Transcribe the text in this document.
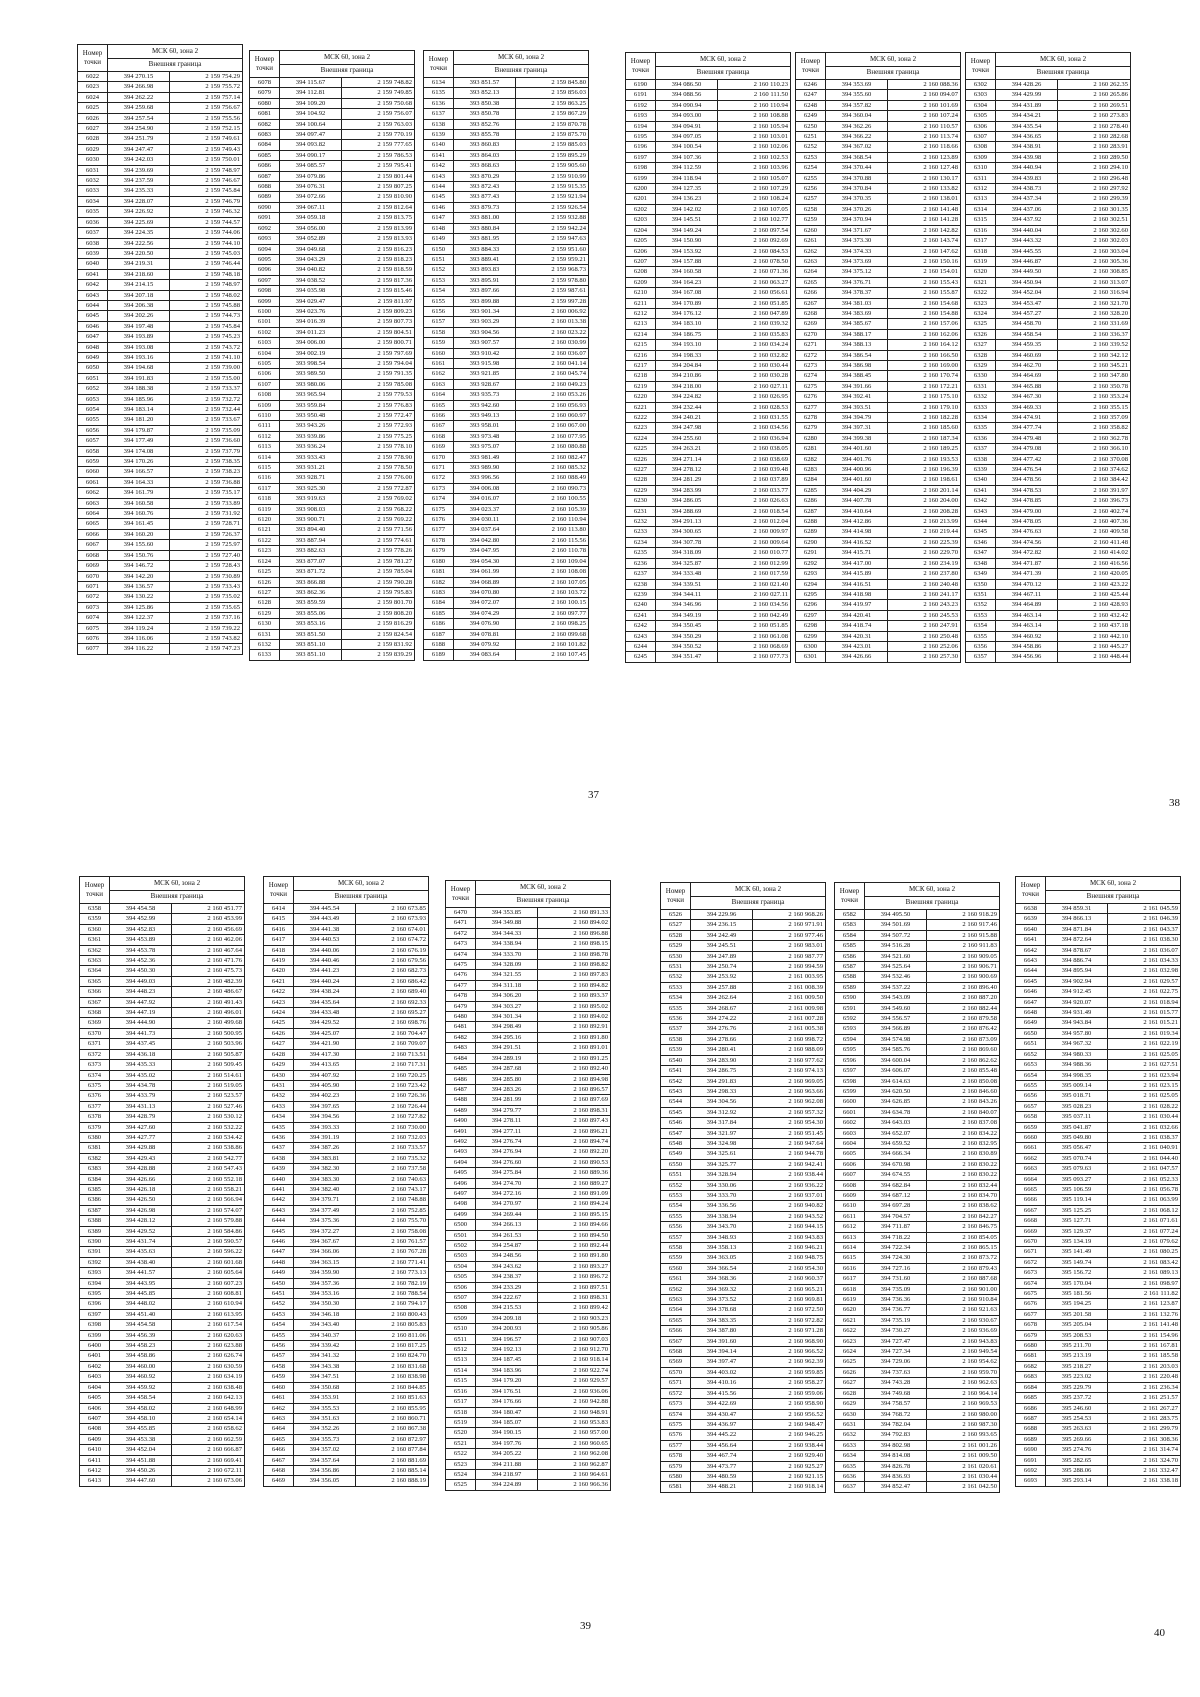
Номер
точки	МСК 60, зона 2	
	Внешняя граница	
6022	394 270.15	2 159 754.29
6023	394 266.98	2 159 755.72
6024	394 262.22	2 159 757.14
6025	394 259.68	2 159 756.67
6026	394 257.54	2 159 755.56
6027	394 254.90	2 159 752.15
6028	394 251.79	2 159 749.61
6029	394 247.47	2 159 749.43
6030	394 242.03	2 159 750.01
6031	394 239.69	2 159 748.97
6032	394 237.59	2 159 746.67
6033	394 235.33	2 159 745.84
6034	394 228.07	2 159 746.79
6035	394 226.92	2 159 746.32
6036	394 225.69	2 159 744.57
6037	394 224.35	2 159 744.06
6038	394 222.56	2 159 744.10
6039	394 220.50	2 159 745.03
6040	394 219.31	2 159 746.44
6041	394 218.60	2 159 748.18
6042	394 214.15	2 159 748.97
6043	394 207.18	2 159 748.02
6044	394 206.38	2 159 745.88
6045	394 202.26	2 159 744.73
6046	394 197.48	2 159 745.84
6047	394 193.89	2 159 745.23
6048	394 193.08	2 159 743.72
6049	394 193.16	2 159 741.10
6050	394 194.68	2 159 739.00
6051	394 191.83	2 159 735.00
6052	394 188.38	2 159 733.37
6053	394 185.96	2 159 732.72
6054	394 183.14	2 159 732.44
6055	394 181.20	2 159 733.67
6056	394 179.87	2 159 735.09
6057	394 177.49	2 159 736.60
6058	394 174.08	2 159 737.79
6059	394 170.26	2 159 738.35
6060	394 166.57	2 159 738.23
6061	394 164.33	2 159 736.88
6062	394 161.79	2 159 735.17
6063	394 160.58	2 159 733.89
6064	394 160.76	2 159 731.92
6065	394 161.45	2 159 728.71
6066	394 160.20	2 159 726.37
6067	394 155.60	2 159 725.97
6068	394 150.76	2 159 727.40
6069	394 146.72	2 159 728.43
6070	394 142.20	2 159 730.89
6071	394 136.57	2 159 733.43
6072	394 130.22	2 159 735.02
6073	394 125.86	2 159 735.65
6074	394 122.37	2 159 737.16
6075	394 119.24	2 159 739.22
6076	394 116.06	2 159 743.82
6077	394 116.22	2 159 747.23
Номер
точки	МСК 60, зона 2	
	Внешняя граница	
6078	394 115.67	2 159 748.82
6079	394 112.81	2 159 749.85
6080	394 109.20	2 159 750.68
6081	394 104.92	2 159 756.07
6082	394 100.64	2 159 763.03
6083	394 097.47	2 159 770.19
6084	394 093.82	2 159 777.65
6085	394 090.17	2 159 786.53
6086	394 085.57	2 159 795.41
6087	394 079.86	2 159 801.44
6088	394 076.31	2 159 807.25
6089	394 072.66	2 159 810.90
6090	394 067.11	2 159 812.64
6091	394 059.18	2 159 813.75
6092	394 056.00	2 159 813.99
6093	394 052.89	2 159 813.93
6094	394 049.68	2 159 816.23
6095	394 043.29	2 159 818.23
6096	394 040.82	2 159 818.59
6097	394 038.52	2 159 817.36
6098	394 035.98	2 159 815.46
6099	394 029.47	2 159 811.97
6100	394 023.76	2 159 809.23
6101	394 016.39	2 159 807.73
6102	394 011.23	2 159 804.51
6103	394 006.00	2 159 800.71
6104	394 002.19	2 159 797.69
6105	393 998.54	2 159 794.04
6106	393 989.50	2 159 791.35
6107	393 980.06	2 159 785.08
6108	393 965.94	2 159 779.53
6109	393 959.84	2 159 776.83
6110	393 950.48	2 159 772.47
6111	393 943.26	2 159 772.93
6112	393 939.86	2 159 775.25
6113	393 936.24	2 159 778.10
6114	393 933.43	2 159 778.90
6115	393 931.21	2 159 778.50
6116	393 928.71	2 159 776.00
6117	393 925.30	2 159 772.87
6118	393 919.63	2 159 769.02
6119	393 908.03	2 159 768.22
6120	393 900.71	2 159 769.22
6121	393 894.40	2 159 771.56
6122	393 887.94	2 159 774.61
6123	393 882.63	2 159 778.26
6124	393 877.07	2 159 781.27
6125	393 871.72	2 159 785.04
6126	393 866.88	2 159 790.28
6127	393 862.36	2 159 795.83
6128	393 859.59	2 159 801.70
6129	393 855.06	2 159 808.20
6130	393 853.16	2 159 816.29
6131	393 851.50	2 159 824.54
6132	393 851.10	2 159 831.92
6133	393 851.10	2 159 839.29
Номер
точки	МСК 60, зона 2	
	Внешняя граница	
6134	393 851.57	2 159 845.80
6135	393 852.13	2 159 856.03
6136	393 850.38	2 159 863.25
6137	393 850.78	2 159 867.29
6138	393 852.76	2 159 870.78
6139	393 855.78	2 159 875.70
6140	393 860.83	2 159 885.03
6141	393 864.03	2 159 895.29
6142	393 868.63	2 159 905.60
6143	393 870.29	2 159 910.99
6144	393 872.43	2 159 915.35
6145	393 877.43	2 159 921.94
6146	393 879.73	2 159 926.54
6147	393 881.00	2 159 932.88
6148	393 880.84	2 159 942.24
6149	393 881.95	2 159 947.63
6150	393 884.33	2 159 951.60
6151	393 889.41	2 159 959.21
6152	393 893.83	2 159 968.73
6153	393 895.91	2 159 978.80
6154	393 897.66	2 159 987.61
6155	393 899.88	2 159 997.28
6156	393 901.34	2 160 006.92
6157	393 903.29	2 160 013.38
6158	393 904.56	2 160 023.22
6159	393 907.57	2 160 030.99
6160	393 910.42	2 160 036.07
6161	393 915.98	2 160 041.14
6162	393 921.85	2 160 045.74
6163	393 928.67	2 160 049.23
6164	393 935.73	2 160 053.26
6165	393 942.60	2 160 056.93
6166	393 949.13	2 160 060.97
6167	393 958.01	2 160 067.00
6168	393 973.48	2 160 077.95
6169	393 975.07	2 160 080.88
6170	393 981.49	2 160 082.47
6171	393 989.90	2 160 085.32
6172	393 996.56	2 160 088.49
6173	394 006.08	2 160 090.73
6174	394 016.07	2 160 100.55
6175	394 023.37	2 160 105.39
6176	394 030.11	2 160 110.94
6177	394 037.64	2 160 113.80
6178	394 042.80	2 160 115.56
6179	394 047.95	2 160 110.78
6180	394 054.30	2 160 109.04
6181	394 061.99	2 160 108.08
6182	394 068.89	2 160 107.05
6183	394 070.80	2 160 103.72
6184	394 072.07	2 160 100.15
6185	394 074.29	2 160 097.77
6186	394 076.90	2 160 098.25
6187	394 078.81	2 160 099.68
6188	394 079.92	2 160 101.82
6189	394 083.64	2 160 107.45
Номер
точки	МСК 60, зона 2	
	Внешняя граница	
6190	394 086.50	2 160 110.23
6191	394 088.56	2 160 111.50
6192	394 090.94	2 160 110.94
6193	394 093.00	2 160 108.88
6194	394 094.91	2 160 105.94
6195	394 097.05	2 160 103.01
6196	394 100.54	2 160 102.06
6197	394 107.36	2 160 102.53
6198	394 112.59	2 160 103.96
6199	394 118.94	2 160 105.07
6200	394 127.35	2 160 107.29
6201	394 136.23	2 160 108.24
6202	394 142.02	2 160 107.05
6203	394 145.51	2 160 102.77
6204	394 149.24	2 160 097.54
6205	394 150.90	2 160 092.69
6206	394 153.92	2 160 084.53
6207	394 157.88	2 160 078.50
6208	394 160.58	2 160 071.36
6209	394 164.23	2 160 063.27
6210	394 167.08	2 160 056.61
6211	394 170.89	2 160 051.85
6212	394 176.12	2 160 047.89
6213	394 183.10	2 160 039.32
6214	394 186.75	2 160 035.83
6215	394 193.10	2 160 034.24
6216	394 198.33	2 160 032.82
6217	394 204.84	2 160 030.44
6218	394 210.86	2 160 030.28
6219	394 218.00	2 160 027.11
6220	394 224.82	2 160 026.95
6221	394 232.44	2 160 028.53
6222	394 240.21	2 160 031.55
6223	394 247.98	2 160 034.56
6224	394 255.60	2 160 036.94
6225	394 263.21	2 160 038.05
6226	394 271.14	2 160 038.69
6227	394 278.12	2 160 039.48
6228	394 281.29	2 160 037.89
6229	394 283.99	2 160 033.77
6230	394 286.05	2 160 026.63
6231	394 288.69	2 160 018.54
6232	394 291.13	2 160 012.04
6233	394 300.65	2 160 009.97
6234	394 307.78	2 160 009.64
6235	394 318.09	2 160 010.77
6236	394 325.87	2 160 012.99
6237	394 333.48	2 160 017.59
6238	394 339.51	2 160 021.40
6239	394 344.11	2 160 027.11
6240	394 346.96	2 160 034.56
6241	394 349.19	2 160 042.49
6242	394 350.45	2 160 051.85
6243	394 350.29	2 160 061.08
6244	394 350.52	2 160 068.69
6245	394 351.47	2 160 077.73
Номер
точки	МСК 60, зона 2	
	Внешняя граница	
6246	394 353.69	2 160 088.36
6247	394 355.60	2 160 094.07
6248	394 357.82	2 160 101.69
6249	394 360.04	2 160 107.24
6250	394 362.26	2 160 110.57
6251	394 366.22	2 160 113.74
6252	394 367.02	2 160 118.66
6253	394 368.54	2 160 123.89
6254	394 370.44	2 160 127.48
6255	394 370.88	2 160 130.17
6256	394 370.84	2 160 133.82
6257	394 370.35	2 160 138.01
6258	394 370.26	2 160 141.48
6259	394 370.94	2 160 141.28
6260	394 371.67	2 160 142.82
6261	394 373.30	2 160 143.74
6262	394 374.33	2 160 147.62
6263	394 373.69	2 160 150.16
6264	394 375.12	2 160 154.01
6265	394 376.71	2 160 155.43
6266	394 378.37	2 160 155.87
6267	394 381.03	2 160 154.68
6268	394 383.69	2 160 154.88
6269	394 385.67	2 160 157.06
6270	394 388.17	2 160 162.06
6271	394 388.13	2 160 164.12
6272	394 386.54	2 160 166.50
6273	394 386.98	2 160 169.00
6274	394 388.45	2 160 170.74
6275	394 391.66	2 160 172.21
6276	394 392.41	2 160 175.10
6277	394 393.51	2 160 179.10
6278	394 394.79	2 160 182.28
6279	394 397.31	2 160 185.60
6280	394 399.38	2 160 187.34
6281	394 401.60	2 160 189.25
6282	394 401.76	2 160 193.53
6283	394 400.96	2 160 196.39
6284	394 401.60	2 160 198.61
6285	394 404.29	2 160 201.14
6286	394 407.78	2 160 204.00
6287	394 410.64	2 160 208.28
6288	394 412.86	2 160 213.99
6289	394 414.98	2 160 219.44
6290	394 416.52	2 160 225.39
6291	394 415.71	2 160 229.70
6292	394 417.00	2 160 234.19
6293	394 415.89	2 160 237.80
6294	394 416.51	2 160 240.48
6295	394 418.98	2 160 241.17
6296	394 419.97	2 160 243.23
6297	394 420.41	2 160 245.53
6298	394 418.74	2 160 247.91
6299	394 420.31	2 160 250.48
6300	394 423.01	2 160 252.06
6301	394 426.66	2 160 257.30
Номер
точки	МСК 60, зона 2	
	Внешняя граница	
6302	394 428.26	2 160 262.35
6303	394 429.99	2 160 265.86
6304	394 431.89	2 160 269.51
6305	394 434.21	2 160 273.83
6306	394 435.54	2 160 278.40
6307	394 436.65	2 160 282.68
6308	394 438.91	2 160 283.91
6309	394 439.98	2 160 289.50
6310	394 440.94	2 160 294.10
6311	394 439.83	2 160 296.48
6312	394 438.73	2 160 297.92
6313	394 437.34	2 160 299.39
6314	394 437.06	2 160 301.35
6315	394 437.92	2 160 302.51
6316	394 440.04	2 160 302.60
6317	394 443.32	2 160 302.03
6318	394 445.55	2 160 303.04
6319	394 446.87	2 160 305.36
6320	394 449.50	2 160 308.85
6321	394 450.94	2 160 313.07
6322	394 452.04	2 160 316.94
6323	394 453.47	2 160 321.70
6324	394 457.27	2 160 328.20
6325	394 458.70	2 160 331.69
6326	394 458.54	2 160 336.37
6327	394 459.35	2 160 339.52
6328	394 460.69	2 160 342.12
6329	394 462.70	2 160 345.21
6330	394 464.69	2 160 347.80
6331	394 465.88	2 160 350.78
6332	394 467.30	2 160 353.24
6333	394 469.33	2 160 355.15
6334	394 474.91	2 160 357.09
6335	394 477.74	2 160 358.82
6336	394 479.48	2 160 362.78
6337	394 479.08	2 160 366.10
6338	394 477.42	2 160 370.08
6339	394 476.54	2 160 374.62
6340	394 478.56	2 160 384.42
6341	394 478.53	2 160 391.97
6342	394 478.85	2 160 396.73
6343	394 479.00	2 160 402.74
6344	394 478.05	2 160 407.36
6345	394 476.63	2 160 409.58
6346	394 474.56	2 160 411.48
6347	394 472.82	2 160 414.02
6348	394 471.87	2 160 416.56
6349	394 471.39	2 160 420.05
6350	394 470.12	2 160 423.22
6351	394 467.11	2 160 425.44
6352	394 464.89	2 160 428.93
6353	394 463.14	2 160 432.42
6354	394 463.14	2 160 437.18
6355	394 460.92	2 160 442.10
6356	394 458.86	2 160 445.27
6357	394 456.96	2 160 448.44
Номер
точки	МСК 60, зона 2	
	Внешняя граница	
6358	394 454.58	2 160 451.77
6359	394 452.99	2 160 453.99
6360	394 452.83	2 160 456.69
6361	394 453.89	2 160 462.06
6362	394 453.78	2 160 467.64
6363	394 452.36	2 160 471.76
6364	394 450.30	2 160 475.73
6365	394 449.03	2 160 482.39
6366	394 448.23	2 160 486.67
6367	394 447.92	2 160 491.43
6368	394 447.19	2 160 496.01
6369	394 444.90	2 160 499.68
6370	394 441.73	2 160 500.95
6371	394 437.45	2 160 503.96
6372	394 436.18	2 160 505.87
6373	394 435.33	2 160 509.45
6374	394 435.02	2 160 514.61
6375	394 434.78	2 160 519.05
6376	394 433.79	2 160 523.57
6377	394 431.13	2 160 527.46
6378	394 428.79	2 160 530.12
6379	394 427.60	2 160 532.22
6380	394 427.77	2 160 534.42
6381	394 429.88	2 160 538.86
6382	394 429.43	2 160 542.77
6383	394 428.88	2 160 547.43
6384	394 426.66	2 160 552.18
6385	394 426.18	2 160 558.21
6386	394 426.50	2 160 566.94
6387	394 426.98	2 160 574.07
6388	394 428.12	2 160 579.88
6389	394 429.52	2 160 584.86
6390	394 431.74	2 160 590.57
6391	394 435.63	2 160 596.22
6392	394 438.40	2 160 601.68
6393	394 441.57	2 160 605.64
6394	394 443.95	2 160 607.23
6395	394 445.85	2 160 608.81
6396	394 448.02	2 160 610.94
6397	394 451.40	2 160 613.95
6398	394 454.58	2 160 617.54
6399	394 456.39	2 160 620.63
6400	394 458.23	2 160 623.88
6401	394 458.86	2 160 626.74
6402	394 460.00	2 160 630.59
6403	394 460.92	2 160 634.19
6404	394 459.92	2 160 638.48
6405	394 458.54	2 160 642.13
6406	394 458.02	2 160 648.99
6407	394 458.10	2 160 654.14
6408	394 455.85	2 160 658.62
6409	394 453.38	2 160 662.59
6410	394 452.04	2 160 666.87
6411	394 451.88	2 160 669.41
6412	394 450.26	2 160 672.11
6413	394 447.60	2 160 673.06
Номер
точки	МСК 60, зона 2	
	Внешняя граница	
6414	394 445.54	2 160 673.85
6415	394 443.49	2 160 673.93
6416	394 441.38	2 160 674.01
6417	394 440.53	2 160 674.72
6418	394 440.06	2 160 676.19
6419	394 440.46	2 160 679.56
6420	394 441.23	2 160 682.73
6421	394 440.24	2 160 686.42
6422	394 438.24	2 160 689.40
6423	394 435.64	2 160 692.33
6424	394 433.48	2 160 695.27
6425	394 429.52	2 160 698.76
6426	394 425.07	2 160 704.47
6427	394 421.90	2 160 709.07
6428	394 417.30	2 160 713.51
6429	394 413.65	2 160 717.31
6430	394 407.92	2 160 720.25
6431	394 405.90	2 160 723.42
6432	394 402.23	2 160 726.36
6433	394 397.65	2 160 726.44
6434	394 394.56	2 160 727.82
6435	394 393.33	2 160 730.00
6436	394 391.19	2 160 732.03
6437	394 387.26	2 160 733.57
6438	394 383.81	2 160 735.32
6439	394 382.30	2 160 737.58
6440	394 383.30	2 160 740.63
6441	394 382.40	2 160 743.17
6442	394 379.71	2 160 748.88
6443	394 377.49	2 160 752.85
6444	394 375.36	2 160 755.70
6445	394 372.27	2 160 758.08
6446	394 367.67	2 160 761.57
6447	394 366.06	2 160 767.28
6448	394 363.15	2 160 771.41
6449	394 359.90	2 160 773.13
6450	394 357.36	2 160 782.19
6451	394 353.16	2 160 788.54
6452	394 350.30	2 160 794.17
6453	394 346.18	2 160 800.43
6454	394 343.40	2 160 805.83
6455	394 340.37	2 160 811.06
6456	394 339.42	2 160 817.25
6457	394 341.32	2 160 824.70
6458	394 343.38	2 160 831.68
6459	394 347.51	2 160 838.98
6460	394 350.68	2 160 844.85
6461	394 353.91	2 160 851.63
6462	394 355.53	2 160 855.95
6463	394 351.63	2 160 860.71
6464	394 352.26	2 160 867.38
6465	394 355.73	2 160 872.97
6466	394 357.02	2 160 877.84
6467	394 357.64	2 160 881.69
6468	394 356.86	2 160 885.14
6469	394 356.05	2 160 888.19
Номер
точки	МСК 60, зона 2	
	Внешняя граница	
6470	394 353.85	2 160 891.33
6471	394 349.88	2 160 894.02
6472	394 344.33	2 160 896.88
6473	394 338.94	2 160 898.15
6474	394 333.70	2 160 898.78
6475	394 328.09	2 160 898.82
6476	394 321.55	2 160 897.83
6477	394 311.18	2 160 894.82
6478	394 306.20	2 160 893.37
6479	394 303.27	2 160 895.02
6480	394 301.34	2 160 894.02
6481	394 298.49	2 160 892.91
6482	394 295.16	2 160 891.80
6483	394 291.51	2 160 891.01
6484	394 289.19	2 160 891.25
6485	394 287.68	2 160 892.40
6486	394 285.80	2 160 894.98
6487	394 283.26	2 160 896.57
6488	394 281.99	2 160 897.69
6489	394 279.77	2 160 898.31
6490	394 278.11	2 160 897.43
6491	394 277.11	2 160 896.21
6492	394 276.74	2 160 894.74
6493	394 276.94	2 160 892.20
6494	394 276.60	2 160 890.53
6495	394 275.84	2 160 889.36
6496	394 274.70	2 160 889.27
6497	394 272.16	2 160 891.09
6498	394 270.97	2 160 894.24
6499	394 269.44	2 160 895.15
6500	394 266.13	2 160 894.66
6501	394 261.53	2 160 894.50
6502	394 254.87	2 160 892.44
6503	394 248.56	2 160 891.80
6504	394 243.62	2 160 893.27
6505	394 238.37	2 160 896.72
6506	394 233.29	2 160 897.51
6507	394 222.67	2 160 898.31
6508	394 215.53	2 160 899.42
6509	394 209.18	2 160 903.23
6510	394 200.93	2 160 905.86
6511	394 196.57	2 160 907.03
6512	394 192.13	2 160 912.70
6513	394 187.45	2 160 918.14
6514	394 183.96	2 160 922.74
6515	394 179.20	2 160 929.57
6516	394 176.51	2 160 936.06
6517	394 176.66	2 160 942.88
6518	394 180.47	2 160 948.91
6519	394 185.07	2 160 953.83
6520	394 190.15	2 160 957.00
6521	394 197.76	2 160 960.65
6522	394 205.22	2 160 962.08
6523	394 211.88	2 160 962.87
6524	394 218.97	2 160 964.61
6525	394 224.89	2 160 966.36
Номер
точки	МСК 60, зона 2	
	Внешняя граница	
6526	394 229.96	2 160 968.26
6527	394 236.15	2 160 971.91
6528	394 242.49	2 160 977.46
6529	394 245.51	2 160 983.01
6530	394 247.89	2 160 987.77
6531	394 250.74	2 160 994.59
6532	394 253.92	2 161 003.95
6533	394 257.88	2 161 008.39
6534	394 262.64	2 161 009.50
6535	394 268.67	2 161 009.98
6536	394 274.22	2 161 007.28
6537	394 276.76	2 161 005.38
6538	394 278.66	2 160 998.72
6539	394 280.41	2 160 988.09
6540	394 283.90	2 160 977.62
6541	394 286.75	2 160 974.13
6542	394 291.83	2 160 969.05
6543	394 298.33	2 160 963.66
6544	394 304.56	2 160 962.08
6545	394 312.92	2 160 957.32
6546	394 317.84	2 160 954.30
6547	394 321.97	2 160 951.45
6548	394 324.98	2 160 947.64
6549	394 325.61	2 160 944.78
6550	394 325.77	2 160 942.41
6551	394 328.94	2 160 938.44
6552	394 330.06	2 160 936.22
6553	394 333.70	2 160 937.01
6554	394 336.56	2 160 940.82
6555	394 338.94	2 160 943.52
6556	394 343.70	2 160 944.15
6557	394 348.93	2 160 943.83
6558	394 358.13	2 160 946.21
6559	394 363.05	2 160 948.75
6560	394 366.54	2 160 954.30
6561	394 368.36	2 160 960.37
6562	394 369.32	2 160 965.21
6563	394 373.52	2 160 969.81
6564	394 378.68	2 160 972.50
6565	394 383.35	2 160 972.82
6566	394 387.80	2 160 971.28
6567	394 391.60	2 160 968.90
6568	394 394.14	2 160 966.52
6569	394 397.47	2 160 962.39
6570	394 403.02	2 160 959.85
6571	394 410.16	2 160 958.27
6572	394 415.56	2 160 959.06
6573	394 422.69	2 160 958.90
6574	394 430.47	2 160 956.52
6575	394 436.97	2 160 948.47
6576	394 445.22	2 160 946.25
6577	394 456.64	2 160 938.44
6578	394 467.74	2 160 929.40
6579	394 473.77	2 160 925.27
6580	394 480.59	2 160 921.15
6581	394 488.21	2 160 918.14
Номер
точки	МСК 60, зона 2	
	Внешняя граница	
6582	394 495.50	2 160 918.29
6583	394 501.69	2 160 917.46
6584	394 507.72	2 160 915.88
6585	394 516.28	2 160 911.83
6586	394 521.60	2 160 909.05
6587	394 525.64	2 160 906.71
6588	394 532.46	2 160 900.69
6589	394 537.22	2 160 896.40
6590	394 543.09	2 160 887.20
6591	394 549.60	2 160 882.44
6592	394 556.57	2 160 879.58
6593	394 566.89	2 160 876.42
6594	394 574.98	2 160 873.09
6595	394 585.76	2 160 869.60
6596	394 600.04	2 160 862.62
6597	394 606.07	2 160 855.48
6598	394 614.63	2 160 850.08
6599	394 620.50	2 160 846.60
6600	394 626.85	2 160 843.26
6601	394 634.78	2 160 840.07
6602	394 643.03	2 160 837.08
6603	394 652.07	2 160 834.22
6604	394 659.52	2 160 832.95
6605	394 666.34	2 160 830.89
6606	394 670.98	2 160 830.22
6607	394 674.55	2 160 830.22
6608	394 682.84	2 160 832.44
6609	394 687.12	2 160 834.70
6610	394 697.28	2 160 838.62
6611	394 704.57	2 160 842.27
6612	394 711.87	2 160 846.75
6613	394 718.22	2 160 854.05
6614	394 722.34	2 160 865.15
6615	394 724.30	2 160 873.72
6616	394 727.16	2 160 879.43
6617	394 731.60	2 160 887.68
6618	394 735.09	2 160 901.00
6619	394 736.36	2 160 910.84
6620	394 736.77	2 160 921.63
6621	394 735.19	2 160 930.67
6622	394 730.27	2 160 936.69
6623	394 727.47	2 160 943.83
6624	394 727.34	2 160 949.54
6625	394 729.06	2 160 954.62
6626	394 737.63	2 160 959.70
6627	394 743.28	2 160 962.63
6628	394 749.68	2 160 964.14
6629	394 758.57	2 160 969.53
6630	394 768.72	2 160 980.00
6631	394 782.04	2 160 987.30
6632	394 792.83	2 160 993.65
6633	394 802.98	2 161 001.26
6634	394 814.08	2 161 009.50
6635	394 826.78	2 161 020.61
6636	394 836.93	2 161 030.44
6637	394 852.47	2 161 042.50
Номер
точки	МСК 60, зона 2	
	Внешняя граница	
6638	394 859.31	2 161 045.59
6639	394 866.13	2 161 046.39
6640	394 871.84	2 161 043.37
6641	394 872.64	2 161 038.30
6642	394 878.67	2 161 036.07
6643	394 886.74	2 161 034.33
6644	394 895.94	2 161 032.98
6645	394 902.94	2 161 029.57
6646	394 912.45	2 161 022.75
6647	394 920.07	2 161 018.94
6648	394 931.49	2 161 015.77
6649	394 943.84	2 161 015.21
6650	394 957.80	2 161 019.34
6651	394 967.32	2 161 022.19
6652	394 980.33	2 161 025.05
6653	394 988.36	2 161 027.51
6654	394 998.35	2 161 023.94
6655	395 009.14	2 161 023.15
6656	395 018.71	2 161 025.05
6657	395 028.23	2 161 028.22
6658	395 037.11	2 161 030.44
6659	395 041.87	2 161 032.66
6660	395 049.80	2 161 038.37
6661	395 056.47	2 161 040.91
6662	395 070.74	2 161 044.40
6663	395 079.63	2 161 047.57
6664	395 093.27	2 161 052.33
6665	395 106.59	2 161 056.78
6666	395 119.14	2 161 063.99
6667	395 125.25	2 161 068.12
6668	395 127.71	2 161 071.61
6669	395 129.37	2 161 077.24
6670	395 134.19	2 161 079.62
6671	395 141.49	2 161 080.25
6672	395 149.74	2 161 083.42
6673	395 156.72	2 161 089.13
6674	395 170.04	2 161 098.97
6675	395 181.56	2 161 111.82
6676	395 194.25	2 161 123.87
6677	395 201.58	2 161 132.76
6678	395 205.04	2 161 141.48
6679	395 208.53	2 161 154.96
6680	395 211.70	2 161 167.81
6681	395 213.19	2 161 185.58
6682	395 218.27	2 161 203.03
6683	395 223.02	2 161 220.48
6684	395 229.79	2 161 236.34
6685	395 237.72	2 161 251.57
6686	395 246.60	2 161 267.27
6687	395 254.53	2 161 283.75
6688	395 263.63	2 161 299.79
6689	395 269.66	2 161 308.36
6690	395 274.76	2 161 314.74
6691	395 282.65	2 161 324.70
6692	395 288.06	2 161 332.47
6693	395 293.14	2 161 338.18
37
38
39
40
